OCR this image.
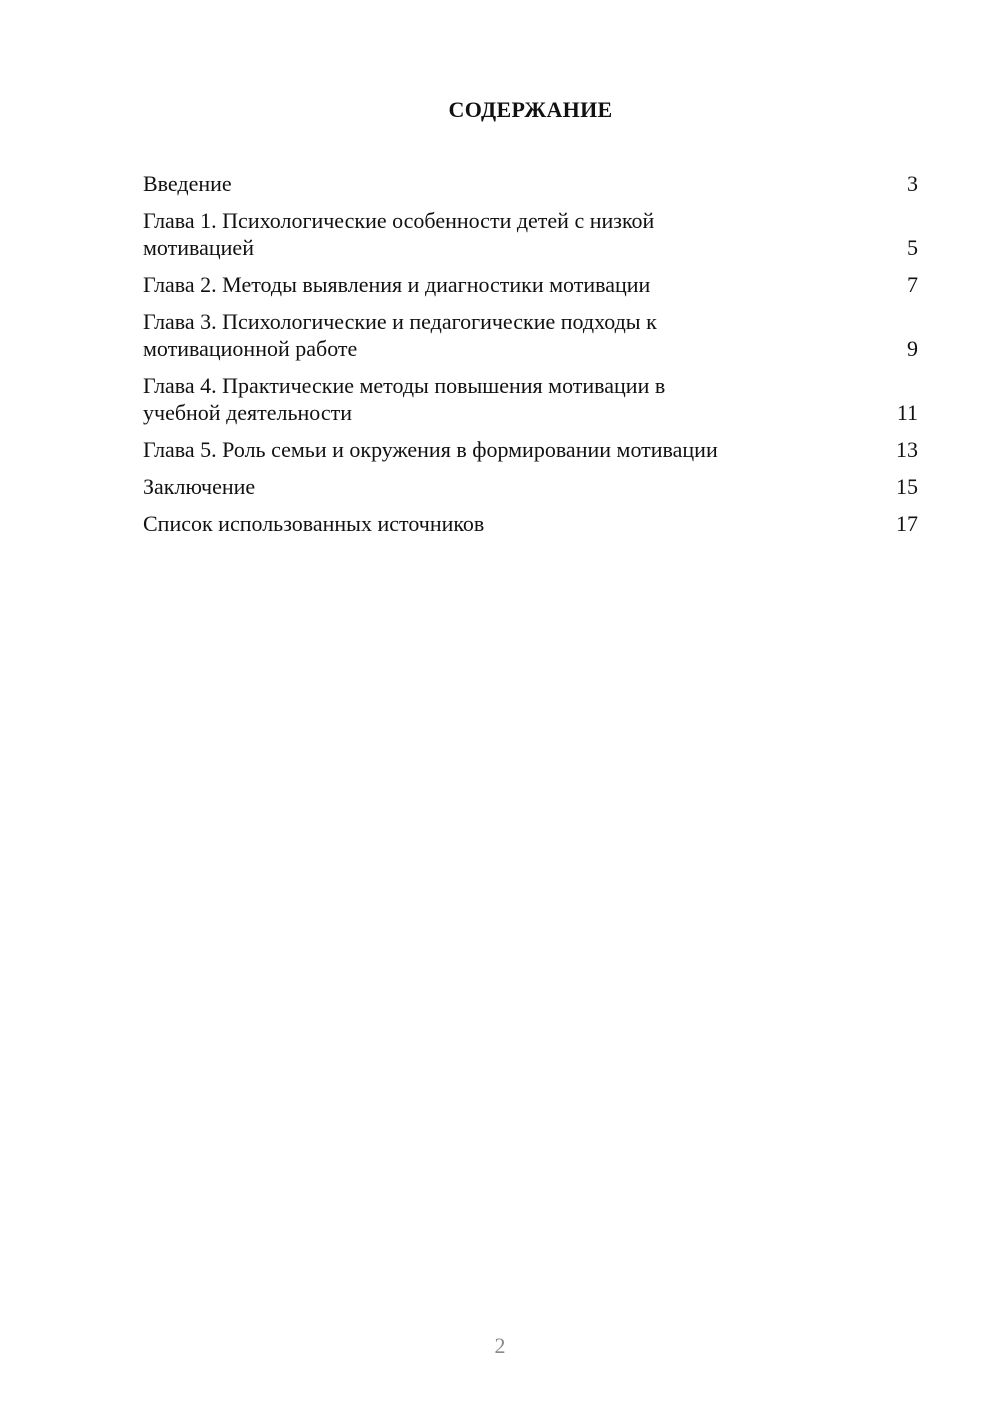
СОДЕРЖАНИЕ
Введение	3
Глава 1. Психологические особенности детей с низкой
мотивацией	5
Глава 2. Методы выявления и диагностики мотивации	7
Глава 3. Психологические и педагогические подходы к
мотивационной работе	9
Глава 4. Практические методы повышения мотивации в
учебной деятельности	11
Глава 5. Роль семьи и окружения в формировании мотивации	13
Заключение	15
Список использованных источников	17
2
